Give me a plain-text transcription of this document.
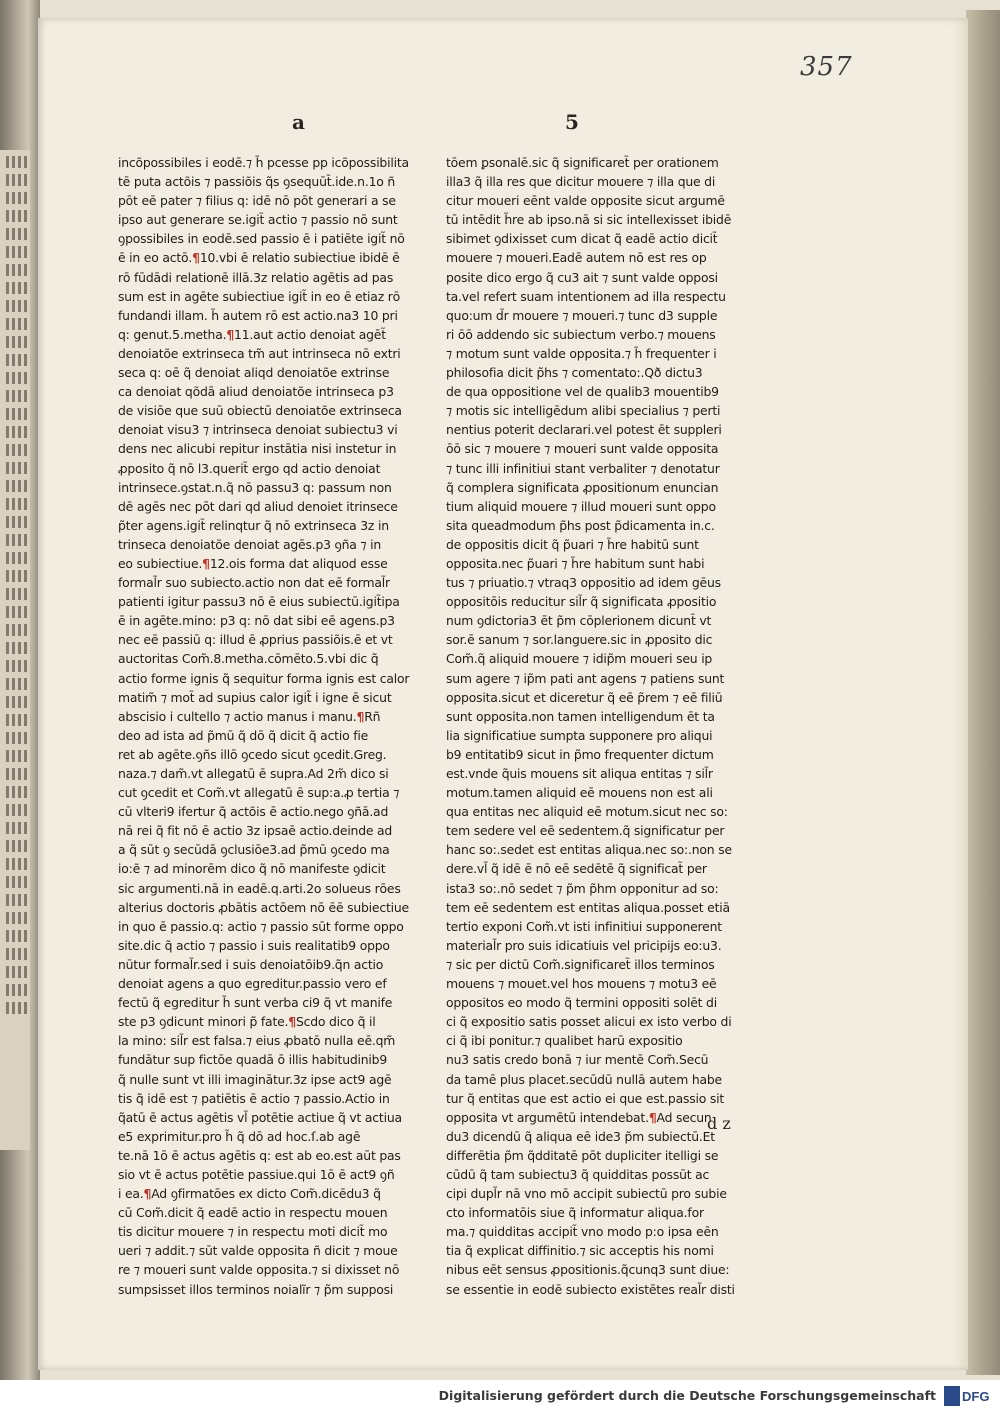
357
a	5

incõpossibiles i eodē.⁊ h̃ pcesse pp icõpossibilita

tē puta actõis ⁊ passiõis q̃s ꝯsequūt̃.ide.n.1o ñ

pōt eē pater ⁊ filius q: idē nō pōt generari a se

ipso aut generare se.igit̃ actio ⁊ passio nō sunt

ꝯpossibiles in eodē.sed passio ē i patiēte igit̃ nō

ē in eo actō.¶10.vbi ē relatio subiectiue ibidē ē

rō fūdādi relationē illā.3z relatio agētis ad pas

sum est in agēte subiectiue igit̃ in eo ē etiaz rō

fundandi illam. h̃ autem rō est actio.na3 10 pri

q: genut.5.metha.¶11.aut actio denoiat agēt̃

denoiatõe extrinseca tm̃ aut intrinseca nō extri

seca q: oē q̃ denoiat aliqd denoiatõe extrinse

ca denoiat qõdā aliud denoiatõe intrinseca p3

de visiōe que suū obiectū denoiatõe extrinseca

denoiat visu3 ⁊ intrinseca denoiat subiectu3 vi

dens nec alicubi repitur instātia nisi instetur in

ꝓposito q̃ nō l3.querit̃ ergo qd actio denoiat

intrinsece.ꝯstat.n.q̃ nō passu3 q: passum non

dē agēs nec pōt dari qd aliud denoiet itrinsece

p̃ter agens.igit̃ relinqtur q̃ nō extrinseca 3z in

trinseca denoiatõe denoiat agēs.p3 ꝯña ⁊ in

eo subiectiue.¶12.ois forma dat aliquod esse

formal̃r suo subiecto.actio non dat eē formal̃r

patienti igitur passu3 nō ē eius subiectū.igit̃ipa

ē in agēte.mino: p3 q: nō dat sibi eē agens.p3

nec eē passiū q: illud ē ꝓprius passiõis.ē et vt

auctoritas Com̃.8.metha.cōmēto.5.vbi dic q̃

actio forme ignis q̃ sequitur forma ignis est calor

matim̃ ⁊ mot̃ ad supius calor igit̃ i igne ē sicut

abscisio i cultello ⁊ actio manus i manu.¶Rñ

deo ad ista ad p̃mū q̃ dō q̃ dicit q̃ actio fie

ret ab agēte.ꝯñs illō ꝯcedo sicut ꝯcedit.Greg.

naza.⁊ dam̃.vt allegatū ē supra.Ad 2m̃ dico si

cut ꝯcedit et Com̃.vt allegatū ē sup:a.ꝓ tertia ⁊

cū vlteri9 ifertur q̃ actõis ē actio.nego ꝯñā.ad

nā rei q̃ fit nō ē actio 3z ipsaē actio.deinde ad

a q̃ sūt ꝯ secūdā ꝯclusiōe3.ad p̃mū ꝯcedo ma

io:ẽ ⁊ ad minorēm dico q̃ nō manifeste ꝯdicit

sic argumenti.nā in eadē.q.arti.2o solueus rōes

alterius doctoris ꝓbātis actōem nō ēē subiectiue

in quo ē passio.q: actio ⁊ passio sūt forme oppo

site.dic q̃ actio ⁊ passio i suis realitatib9 oppo

nūtur formal̃r.sed i suis denoiatōib9.q̃n actio

denoiat agens a quo egreditur.passio vero ef

fectū q̃ egreditur h̃ sunt verba ci9 q̃ vt manife

ste p3 ꝯdicunt minori p̃ fate.¶Scdo dico q̃ il

la mino: sil̃r est falsa.⁊ eius ꝓbatō nulla eē.qm̃

fundātur sup fictōe quadā ō illis habitudinib9

q̃ nulle sunt vt illi imaginātur.3z ipse act9 agē

tis q̃ idē est ⁊ patiētis ē actio ⁊ passio.Actio in

q̃atū ē actus agētis vl̃ potētie actiue q̃ vt actiua

e5 exprimitur.pro h̃ q̃ dō ad hoc.ſ.ab agē

te.nā 1ō ē actus agētis q: est ab eo.est aūt pas

sio vt ē actus potētie passiue.qui 1ō ē act9 ꝯñ

i ea.¶Ad ꝯfirmatōes ex dicto Com̃.dicēdu3 q̃

cū Com̃.dicit q̃ eadē actio in respectu mouen

tis dicitur mouere ⁊ in respectu moti dicit̃ mo

ueri ⁊ addit.⁊ sūt valde opposita ñ dicit ⁊ moue

re ⁊ moueri sunt valde opposita.⁊ si dixisset nō

sumpsisset illos terminos noialĩr ⁊ p̃m supposi

tōem ꝑsonalē.sic q̃ significaret̃ per orationem

illa3 q̃ illa res que dicitur mouere ⁊ illa que di

citur moueri eēnt valde opposite sicut argumē

tū intēdit h̃re ab ipso.nā si sic intellexisset ibidē

sibimet ꝯdixisset cum dicat q̃ eadē actio dicit̃

mouere ⁊ moueri.Eadē autem nō est res op

posite dico ergo q̃ cu3 ait ⁊ sunt valde opposi

ta.vel refert suam intentionem ad illa respectu

quo:um d̃r mouere ⁊ moueri.⁊ tunc d3 supple

ri ōō addendo sic subiectum verbo.⁊ mouens

⁊ motum sunt valde opposita.⁊ h̃ frequenter i

philosofia dicit p̃hs ⁊ comentato:.Qð dictu3

de qua oppositione vel de qualib3 mouentib9

⁊ motis sic intelligēdum alibi specialius ⁊ perti

nentius poterit declarari.vel potest ēt suppleri

ōō sic ⁊ mouere ⁊ moueri sunt valde opposita

⁊ tunc illi infinitiui stant verbaliter ⁊ denotatur

q̃ complera significata ꝓpositionum enuncian

tium aliquid mouere ⁊ illud moueri sunt oppo

sita queadmodum p̃hs post p̃dicamenta in.c.

de oppositis dicit q̃ p̃uari ⁊ h̃re habitū sunt

opposita.nec p̃uari ⁊ h̃re habitum sunt habi

tus ⁊ priuatio.⁊ vtraq3 oppositio ad idem gēus

oppositōis reducitur sil̃r q̃ significata ꝓpositio

num ꝯdictoria3 ēt p̃m cōplerionem dicunt̃ vt

sor.ē sanum ⁊ sor.languere.sic in ꝓposito dic

Com̃.q̃ aliquid mouere ⁊ idip̃m moueri seu ip

sum agere ⁊ ip̃m pati ant agens ⁊ patiens sunt

opposita.sicut et diceretur q̃ eē p̃rem ⁊ eē filiū

sunt opposita.non tamen intelligendum ēt ta

lia significatiue sumpta supponere pro aliqui

b9 entitatib9 sicut in p̃mo frequenter dictum

est.vnde q̃uis mouens sit aliqua entitas ⁊ sil̃r

motum.tamen aliquid eē mouens non est ali

qua entitas nec aliquid eē motum.sicut nec so:

tem sedere vel eē sedentem.q̃ significatur per

hanc so:.sedet est entitas aliqua.nec so:.non se

dere.vl̃ q̃ idē ē nō eē sedētē q̃ significat̃ per

ista3 so:.nō sedet ⁊ p̃m p̃hm opponitur ad so:

tem eē sedentem est entitas aliqua.posset etiā

tertio exponi Com̃.vt isti infinitiui supponerent

material̃r pro suis idicatiuis vel pricipijs eo:u3.

⁊ sic per dictū Com̃.significaret̃ illos terminos

mouens ⁊ mouet.vel hos mouens ⁊ motu3 eē

oppositos eo modo q̃ termini oppositi solēt di

ci q̃ expositio satis posset alicui ex isto verbo di

ci q̃ ibi ponitur.⁊ qualibet harū expositio

nu3 satis credo bonā ⁊ iur mentē Com̃.Secū

da tamē plus placet.secūdū nullā autem habe

tur q̃ entitas que est actio ei que est.passio sit

opposita vt argumētū intendebat.¶Ad secun

du3 dicendū q̃ aliqua eē ide3 p̃m subiectū.Et

differētia p̃m q̃dditatē pōt dupliciter itelligi se

cūdū q̃ tam subiectu3 q̃ quidditas possūt ac

cipi dupl̃r nā vno mō accipit subiectū pro subie

cto informatōis siue q̃ informatur aliqua.for

ma.⁊ quidditas accipit̃ vno modo p:o ipsa eēn

tia q̃ explicat diffinitio.⁊ sic acceptis his nomi

nibus eēt sensus ꝓpositionis.q̃cunq3 sunt diue:

se essentie in eodē subiecto existētes real̃r disti

d z
Digitalisierung gefördert durch die Deutsche Forschungsgemeinschaft DFG
